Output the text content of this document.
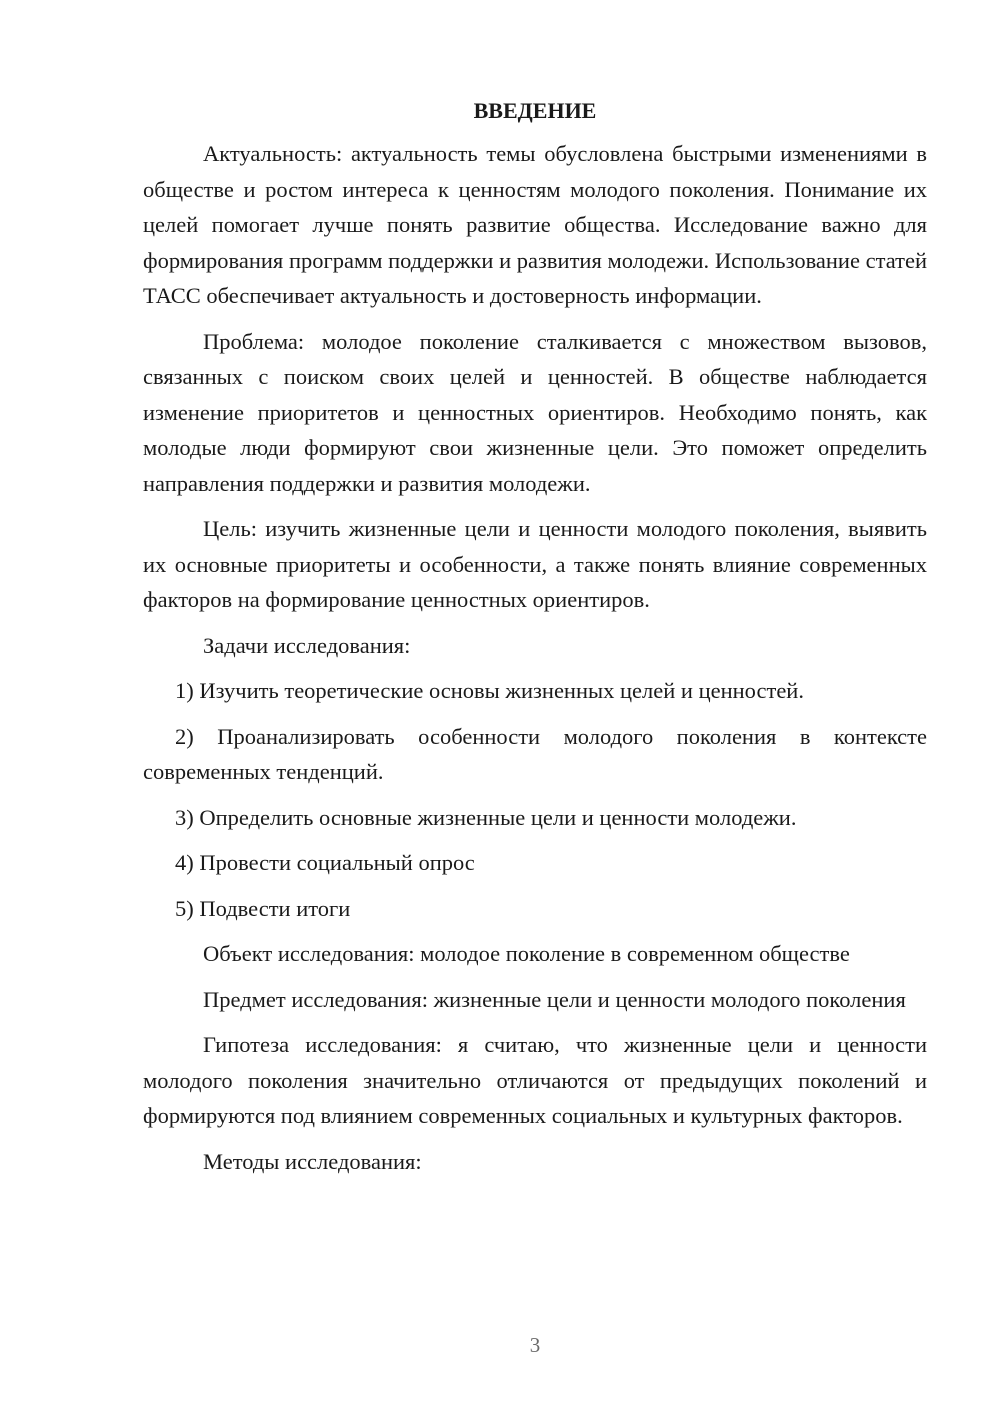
ВВЕДЕНИЕ

Актуальность: актуальность темы обусловлена быстрыми изменениями в обществе и ростом интереса к ценностям молодого поколения. Понимание их целей помогает лучше понять развитие общества. Исследование важно для формирования программ поддержки и развития молодежи. Использование статей ТАСС обеспечивает актуальность и достоверность информации.

Проблема: молодое поколение сталкивается с множеством вызовов, связанных с поиском своих целей и ценностей. В обществе наблюдается изменение приоритетов и ценностных ориентиров. Необходимо понять, как молодые люди формируют свои жизненные цели. Это поможет определить направления поддержки и развития молодежи.

Цель: изучить жизненные цели и ценности молодого поколения, выявить их основные приоритеты и особенности, а также понять влияние современных факторов на формирование ценностных ориентиров.

Задачи исследования:

1) Изучить теоретические основы жизненных целей и ценностей.

2) Проанализировать особенности молодого поколения в контексте современных тенденций.

3) Определить основные жизненные цели и ценности молодежи.

4) Провести социальный опрос

5) Подвести итоги

Объект исследования: молодое поколение в современном обществе

Предмет исследования: жизненные цели и ценности молодого поколения

Гипотеза исследования: я считаю, что жизненные цели и ценности молодого поколения значительно отличаются от предыдущих поколений и формируются под влиянием современных социальных и культурных факторов.

Методы исследования:

3
